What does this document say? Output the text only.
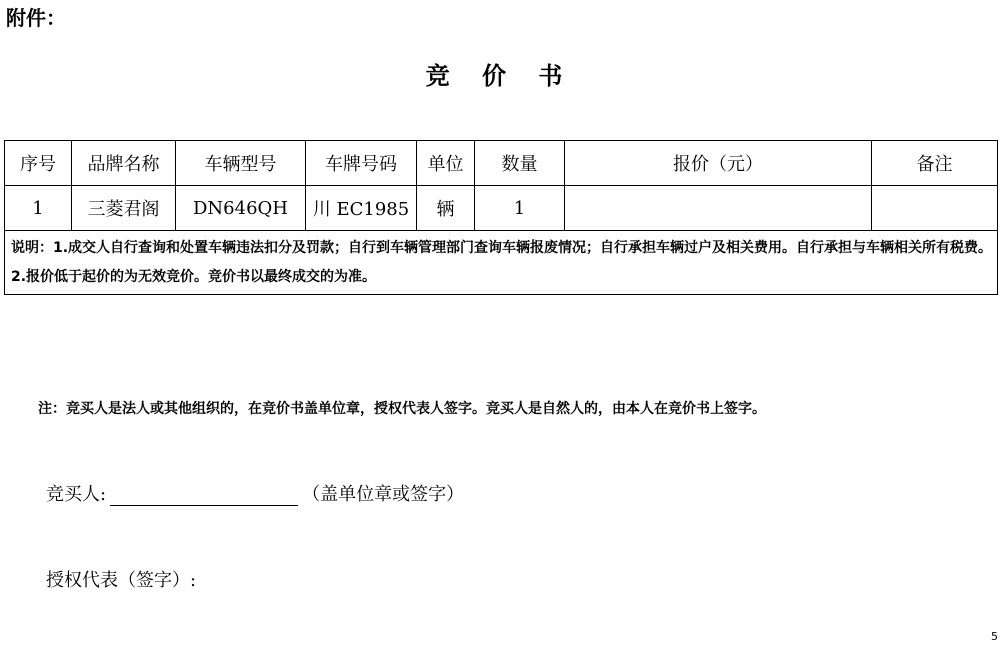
附件：
竞 价 书
序号	品牌名称	车辆型号	车牌号码	单位	数量	报价（元）	备注
1	三菱君阁	DN646QH	川 EC1985	辆	1		

说明：1.成交人自行查询和处置车辆违法扣分及罚款；自行到车辆管理部门查询车辆报废情况；自行承担车辆过户及相关费用。自行承担与车辆相关所有税费。
2.报价低于起价的为无效竞价。竞价书以最终成交的为准。							
注：竞买人是法人或其他组织的，在竞价书盖单位章，授权代表人签字。竞买人是自然人的，由本人在竞价书上签字。
竞买人:	（盖单位章或签字）
授权代表（签字）:
5
